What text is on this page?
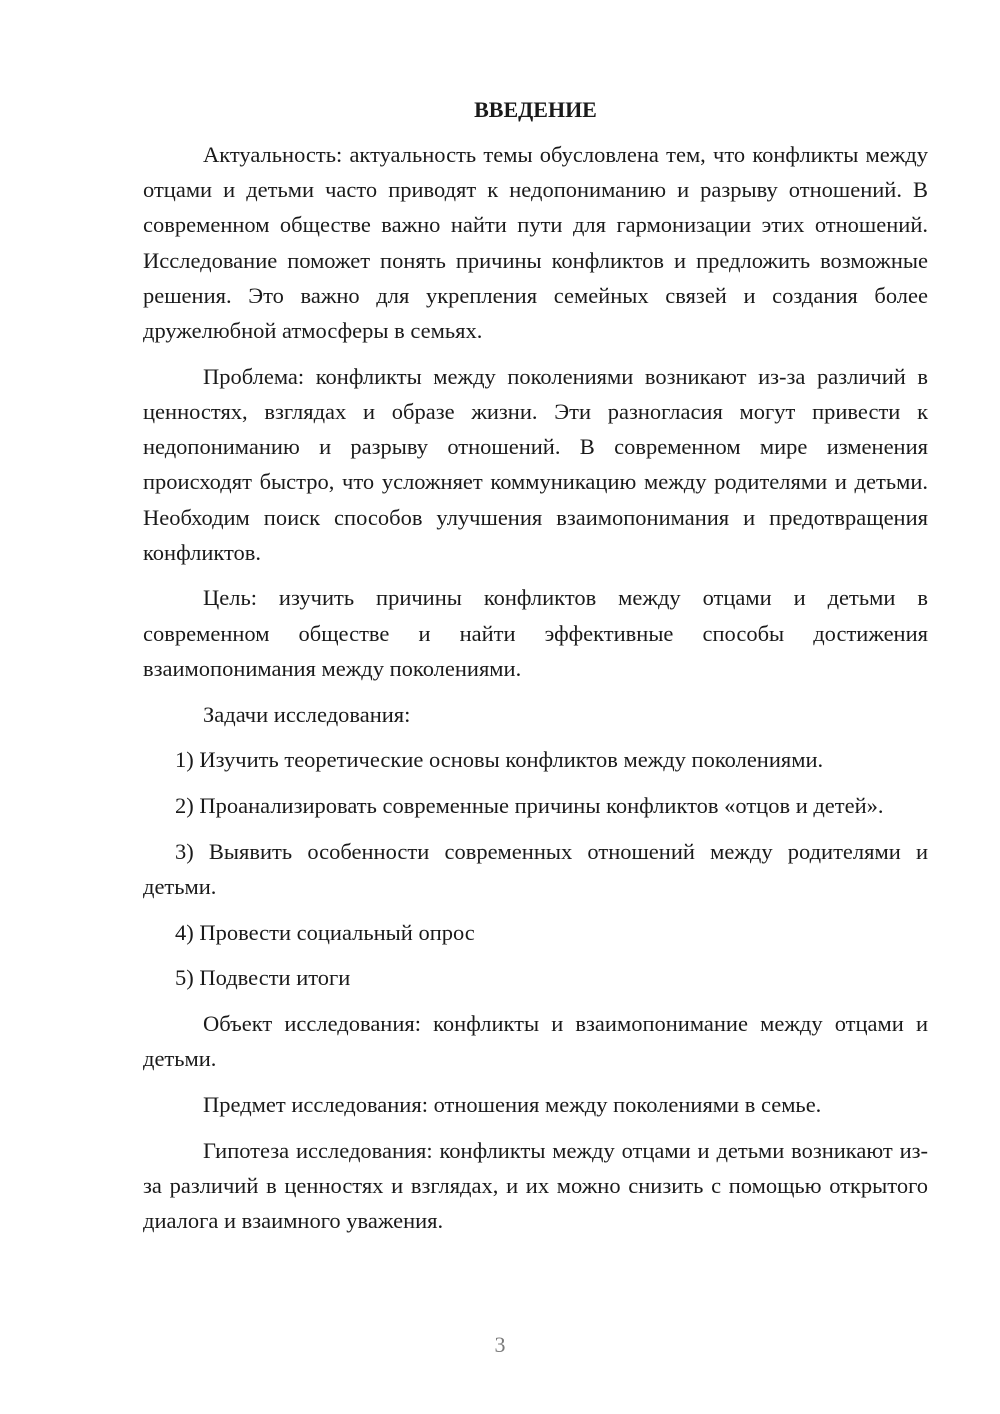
ВВЕДЕНИЕ

Актуальность: актуальность темы обусловлена тем, что конфликты между отцами и детьми часто приводят к недопониманию и разрыву отношений. В современном обществе важно найти пути для гармонизации этих отношений. Исследование поможет понять причины конфликтов и предложить возможные решения. Это важно для укрепления семейных связей и создания более дружелюбной атмосферы в семьях.

Проблема: конфликты между поколениями возникают из-за различий в ценностях, взглядах и образе жизни. Эти разногласия могут привести к недопониманию и разрыву отношений. В современном мире изменения происходят быстро, что усложняет коммуникацию между родителями и детьми. Необходим поиск способов улучшения взаимопонимания и предотвращения конфликтов.

Цель: изучить причины конфликтов между отцами и детьми в современном обществе и найти эффективные способы достижения взаимопонимания между поколениями.

Задачи исследования:

1) Изучить теоретические основы конфликтов между поколениями.

2) Проанализировать современные причины конфликтов «отцов и детей».

3) Выявить особенности современных отношений между родителями и детьми.

4) Провести социальный опрос

5) Подвести итоги

Объект исследования: конфликты и взаимопонимание между отцами и детьми.

Предмет исследования: отношения между поколениями в семье.

Гипотеза исследования: конфликты между отцами и детьми возникают из-за различий в ценностях и взглядах, и их можно снизить с помощью открытого диалога и взаимного уважения.

3
